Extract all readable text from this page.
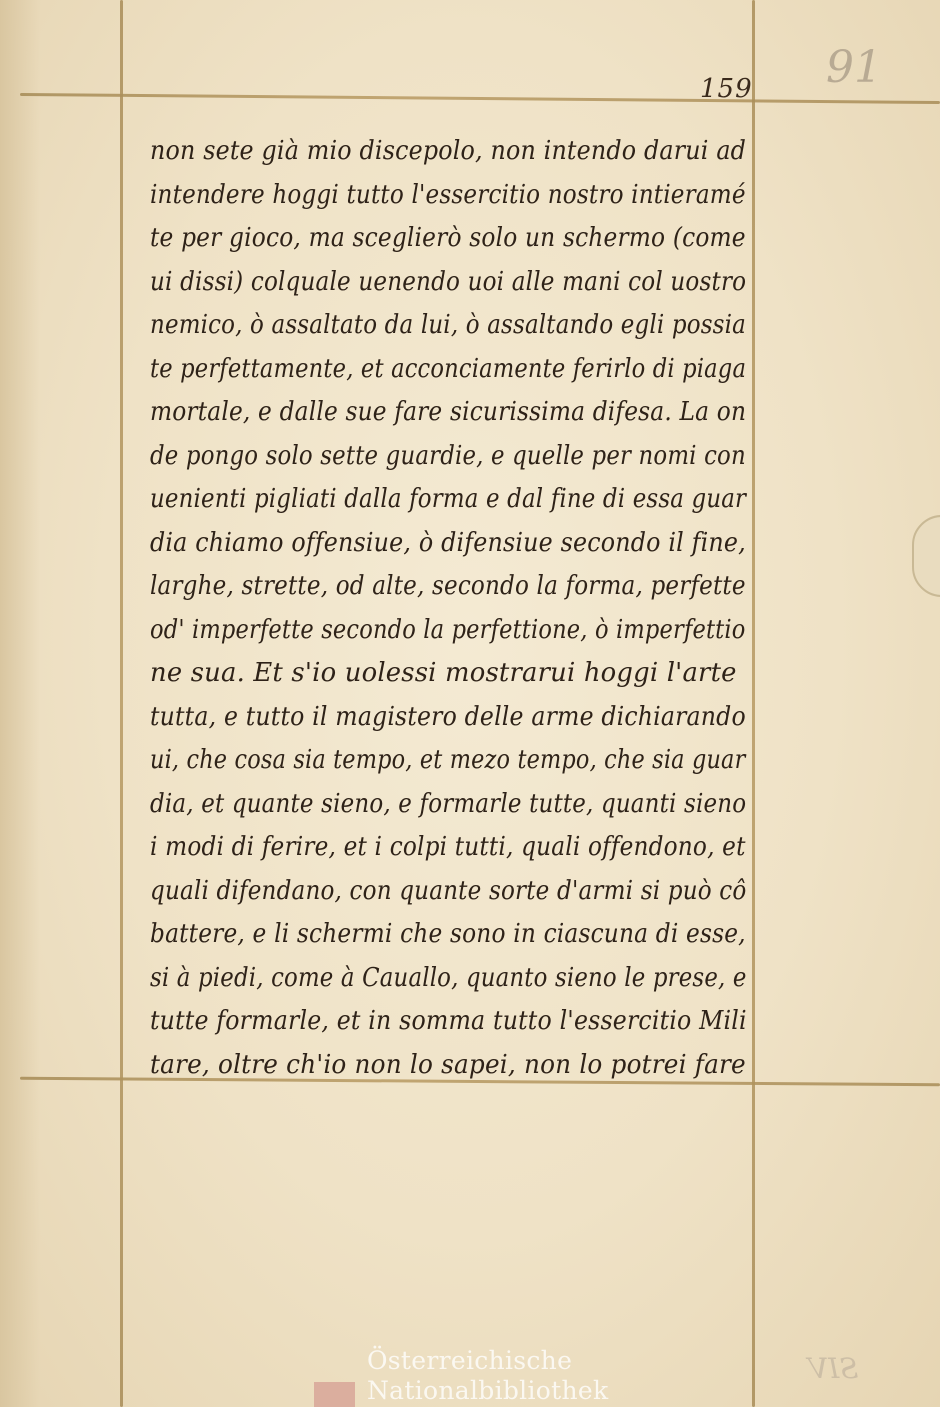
159 91
non sete già mio discepolo, non intendo darui ad
intendere hoggi tutto l'essercitio nostro intieramé
te per gioco, ma sceglierò solo un schermo (come
ui dissi) colquale uenendo uoi alle mani col uostro
nemico, ò assaltato da lui, ò assaltando egli possia
te perfettamente, et acconciamente ferirlo di piaga
mortale, e dalle sue fare sicurissima difesa. La on
de pongo solo sette guardie, e quelle per nomi con
uenienti pigliati dalla forma e dal fine di essa guar
dia chiamo offensiue, ò difensiue secondo il fine,
larghe, strette, od alte, secondo la forma, perfette
od' imperfette secondo la perfettione, ò imperfettio
ne sua. Et s'io uolessi mostrarui hoggi l'arte
tutta, e tutto il magistero delle arme dichiarando
ui, che cosa sia tempo, et mezo tempo, che sia guar
dia, et quante sieno, e formarle tutte, quanti sieno
i modi di ferire, et i colpi tutti, quali offendono, et
quali difendano, con quante sorte d'armi si può cô
battere, e li schermi che sono in ciascuna di esse,
si à piedi, come à Cauallo, quanto sieno le prese, e
tutte formarle, et in somma tutto l'essercitio Mili
tare, oltre ch'io non lo sapei, non lo potrei fare
SIV
Österreichische
Nationalbibliothek
